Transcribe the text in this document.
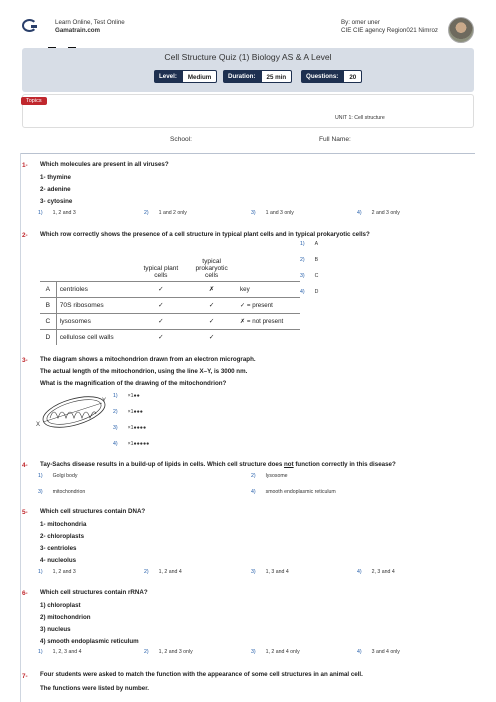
Learn Online, Test Online
Gamatrain.com
By: omer uner
CIE CIE agency Region021 Nimroz
Cell Structure Quiz (1) Biology AS & A Level
Level:	Medium	Duration:	25 min	Questions:	20
Topics
UNIT 1: Cell structure
School:	Full Name:
1- Which molecules are present in all viruses?
1- thymine
2- adenine
3- cytosine
1) 1, 2 and 3	2) 1 and 2 only	3) 1 and 3 only	4) 2 and 3 only
2- Which row correctly shows the presence of a cell structure in typical plant cells and in typical prokaryotic cells?
		typical plant cells	typical prokaryotic cells	
A	centrioles	✓	✗	key
B	70S ribosomes	✓	✓	✓ = present
C	lysosomes	✓	✓	✗ = not present
D	cellulose cell walls	✓	✓	
1) A
2) B
3) C
4) D
3- The diagram shows a mitochondrion drawn from an electron micrograph.
The actual length of the mitochondrion, using the line X–Y, is 3000 nm.
What is the magnification of the drawing of the mitochondrion?
X
Y
1) ×1●●
2) ×1●●●
3) ×1●●●●
4) ×1●●●●●
4- Tay-Sachs disease results in a build-up of lipids in cells. Which cell structure does not function correctly in this disease?
1) Golgi body	2) lysosome
3) mitochondrion	4) smooth endoplasmic reticulum
5- Which cell structures contain DNA?
1- mitochondria
2- chloroplasts
3- centrioles
4- nucleolus
1) 1, 2 and 3	2) 1, 2 and 4	3) 1, 3 and 4	4) 2, 3 and 4
6- Which cell structures contain rRNA?
1) chloroplast
2) mitochondrion
3) nucleus
4) smooth endoplasmic reticulum
1) 1, 2, 3 and 4	2) 1, 2 and 3 only	3) 1, 2 and 4 only	4) 3 and 4 only
7- Four students were asked to match the function with the appearance of some cell structures in an animal cell.
The functions were listed by number.
